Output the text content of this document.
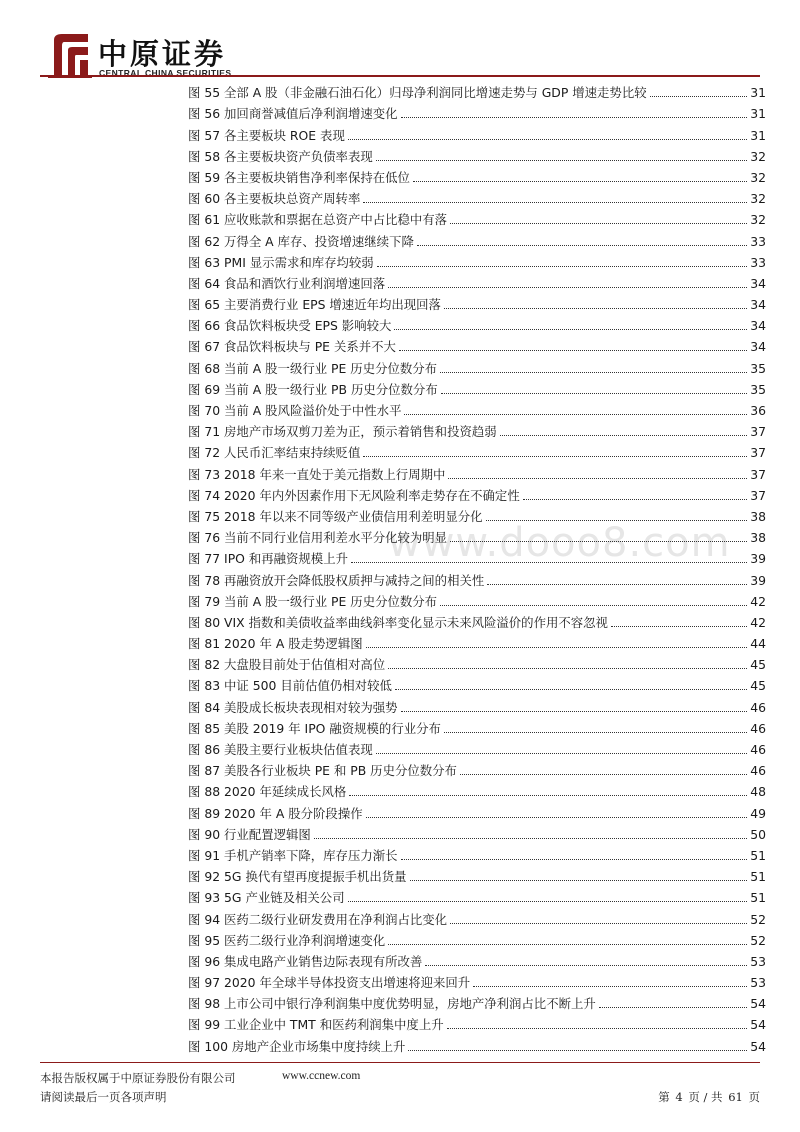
中原证券
CENTRAL CHINA SECURITIES
www.dooo8.com
图 55 全部 A 股（非金融石油石化）归母净利润同比增速走势与 GDP 增速走势比较	31
图 56 加回商誉减值后净利润增速变化	31
图 57 各主要板块 ROE 表现	31
图 58 各主要板块资产负债率表现	32
图 59 各主要板块销售净利率保持在低位	32
图 60 各主要板块总资产周转率	32
图 61 应收账款和票据在总资产中占比稳中有落	32
图 62 万得全 A 库存、投资增速继续下降	33
图 63 PMI 显示需求和库存均较弱	33
图 64 食品和酒饮行业利润增速回落	34
图 65 主要消费行业 EPS 增速近年均出现回落	34
图 66 食品饮料板块受 EPS 影响较大	34
图 67 食品饮料板块与 PE 关系并不大	34
图 68 当前 A 股一级行业 PE 历史分位数分布	35
图 69 当前 A 股一级行业 PB 历史分位数分布	35
图 70 当前 A 股风险溢价处于中性水平	36
图 71 房地产市场双剪刀差为正，预示着销售和投资趋弱	37
图 72 人民币汇率结束持续贬值	37
图 73 2018 年来一直处于美元指数上行周期中	37
图 74 2020 年内外因素作用下无风险利率走势存在不确定性	37
图 75 2018 年以来不同等级产业债信用利差明显分化	38
图 76 当前不同行业信用利差水平分化较为明显	38
图 77 IPO 和再融资规模上升	39
图 78 再融资放开会降低股权质押与减持之间的相关性	39
图 79 当前 A 股一级行业 PE 历史分位数分布	42
图 80 VIX 指数和美债收益率曲线斜率变化显示未来风险溢价的作用不容忽视	42
图 81 2020 年 A 股走势逻辑图	44
图 82 大盘股目前处于估值相对高位	45
图 83 中证 500 目前估值仍相对较低	45
图 84 美股成长板块表现相对较为强势	46
图 85 美股 2019 年 IPO 融资规模的行业分布	46
图 86 美股主要行业板块估值表现	46
图 87 美股各行业板块 PE 和 PB 历史分位数分布	46
图 88 2020 年延续成长风格	48
图 89 2020 年 A 股分阶段操作	49
图 90 行业配置逻辑图	50
图 91 手机产销率下降，库存压力渐长	51
图 92 5G 换代有望再度提振手机出货量	51
图 93 5G 产业链及相关公司	51
图 94 医药二级行业研发费用在净利润占比变化	52
图 95 医药二级行业净利润增速变化	52
图 96 集成电路产业销售边际表现有所改善	53
图 97 2020 年全球半导体投资支出增速将迎来回升	53
图 98 上市公司中银行净利润集中度优势明显，房地产净利润占比不断上升	54
图 99 工业企业中 TMT 和医药利润集中度上升	54
图 100 房地产企业市场集中度持续上升	54
本报告版权属于中原证券股份有限公司	www.ccnew.com
请阅读最后一页各项声明	第 4 页 / 共 61 页
